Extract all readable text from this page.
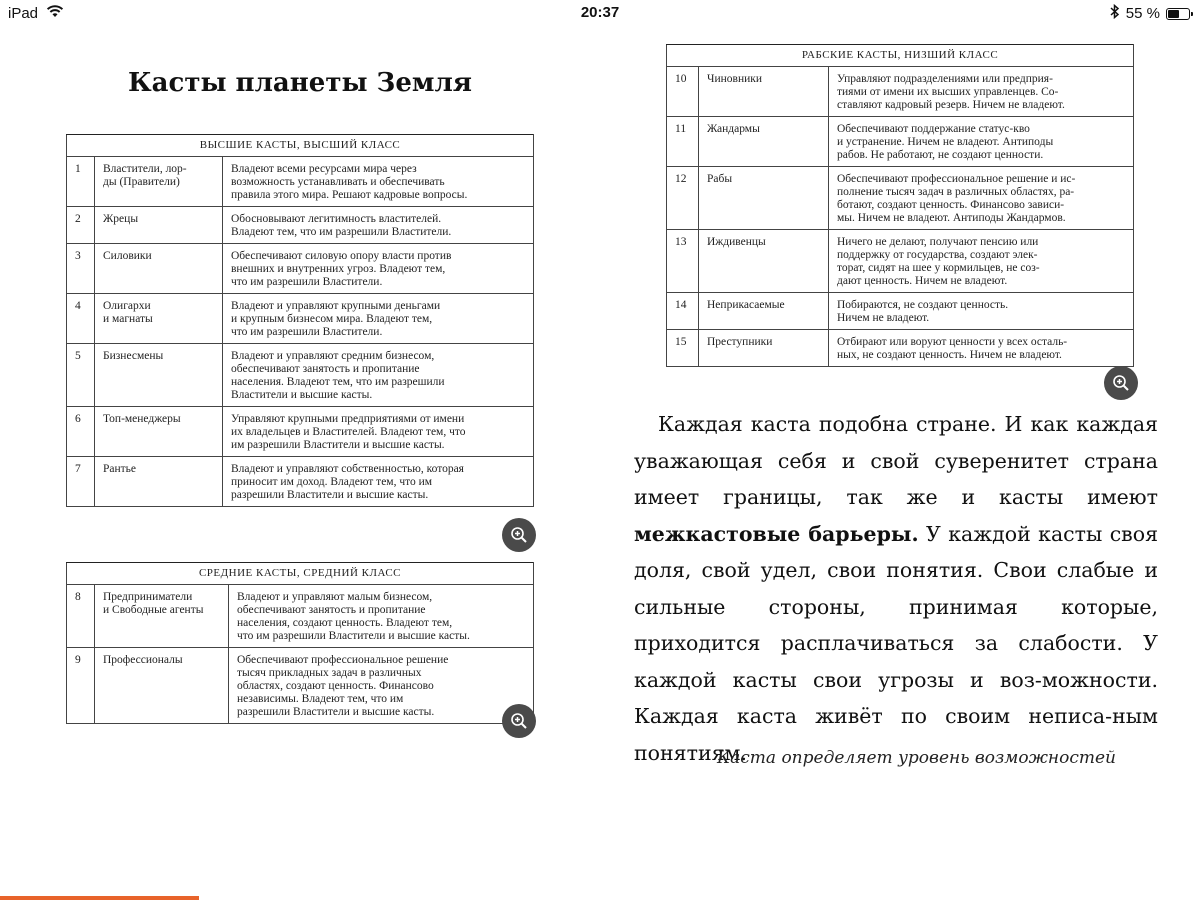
iPad	20:37	55 %
Касты планеты Земля
ВЫСШИЕ КАСТЫ, ВЫСШИЙ КЛАСС		
1	Властители, лор-
ды (Правители)	Владеют всеми ресурсами мира через
возможность устанавливать и обеспечивать
правила этого мира. Решают кадровые вопросы.
2	Жрецы	Обосновывают легитимность властителей.
Владеют тем, что им разрешили Властители.
3	Силовики	Обеспечивают силовую опору власти против
внешних и внутренних угроз. Владеют тем,
что им разрешили Властители.
4	Олигархи
и магнаты	Владеют и управляют крупными деньгами
и крупным бизнесом мира. Владеют тем,
что им разрешили Властители.
5	Бизнесмены	Владеют и управляют средним бизнесом,
обеспечивают занятость и пропитание
населения. Владеют тем, что им разрешили
Властители и высшие касты.
6	Топ-менеджеры	Управляют крупными предприятиями от имени
их владельцев и Властителей. Владеют тем, что
им разрешили Властители и высшие касты.
7	Рантье	Владеют и управляют собственностью, которая
приносит им доход. Владеют тем, что им
разрешили Властители и высшие касты.
СРЕДНИЕ КАСТЫ, СРЕДНИЙ КЛАСС		
8	Предприниматели
и Свободные агенты	Владеют и управляют малым бизнесом,
обеспечивают занятость и пропитание
населения, создают ценность. Владеют тем,
что им разрешили Властители и высшие касты.
9	Профессионалы	Обеспечивают профессиональное решение
тысяч прикладных задач в различных
областях, создают ценность. Финансово
независимы. Владеют тем, что им
разрешили Властители и высшие касты.
РАБСКИЕ КАСТЫ, НИЗШИЙ КЛАСС		
10	Чиновники	Управляют подразделениями или предприя-
тиями от имени их высших управленцев. Со-
ставляют кадровый резерв. Ничем не владеют.
11	Жандармы	Обеспечивают поддержание статус-кво
и устранение. Ничем не владеют. Антиподы
рабов. Не работают, не создают ценности.
12	Рабы	Обеспечивают профессиональное решение и ис-
полнение тысяч задач в различных областях, ра-
ботают, создают ценность. Финансово зависи-
мы. Ничем не владеют. Антиподы Жандармов.
13	Иждивенцы	Ничего не делают, получают пенсию или
поддержку от государства, создают элек-
торат, сидят на шее у кормильцев, не соз-
дают ценность. Ничем не владеют.
14	Неприкасаемые	Побираются, не создают ценность.
Ничем не владеют.
15	Преступники	Отбирают или воруют ценности у всех осталь-
ных, не создают ценность. Ничем не владеют.

Каждая каста подобна стране. И как каждая уважающая себя и свой суверенитет страна имеет границы, так же и касты имеют межкастовые барьеры. У каждой касты своя доля, свой удел, свои понятия. Свои слабые и сильные стороны, принимая которые, приходится расплачиваться за слабости. У каждой касты свои угрозы и воз-можности. Каждая каста живёт по своим неписа-ным понятиям.

Каста определяет уровень возможностей
